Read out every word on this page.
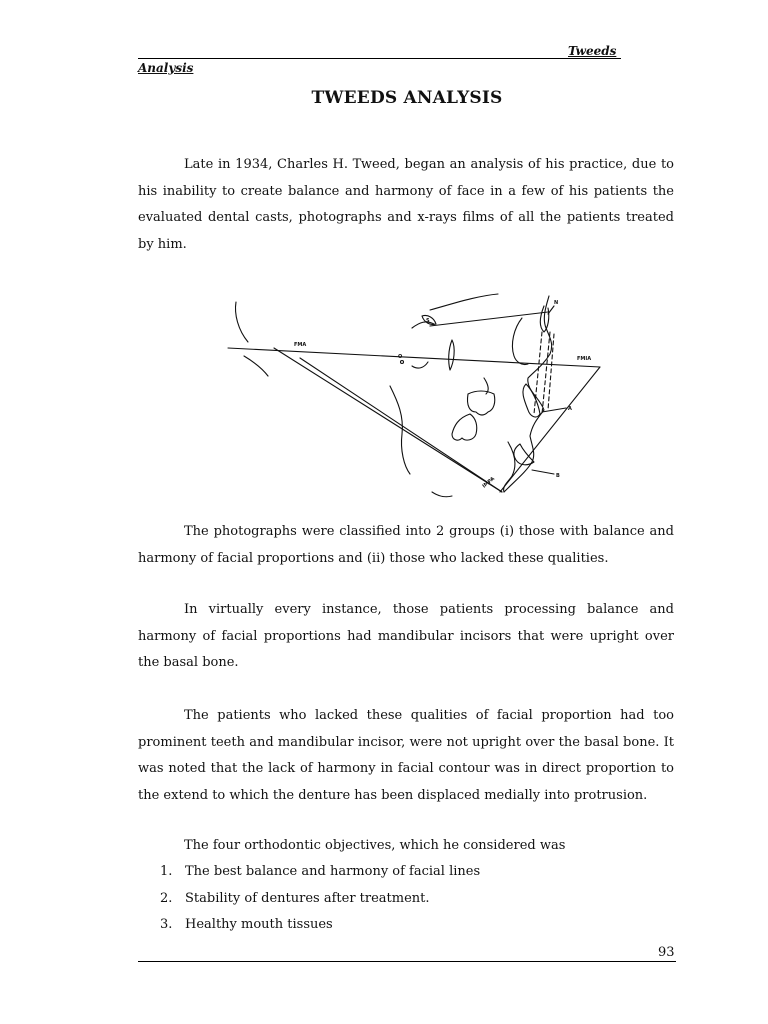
Tweeds
Analysis
TWEEDS ANALYSIS

Late in 1934, Charles H. Tweed, began an analysis of his practice, due to his inability to create balance and harmony of face in a few of his patients the evaluated dental casts, photographs and x-rays films of all the patients treated by him.

FMA
FMIA
IMPA
N
S
O
A
B

The photographs were classified into 2 groups (i) those with balance and harmony of facial proportions and (ii) those who lacked these qualities.

In virtually every instance, those patients processing balance and harmony of facial proportions had mandibular incisors that were upright over the basal bone.

The patients who lacked these qualities of facial proportion had too prominent teeth and mandibular incisor, were not upright over the basal bone. It was noted that the lack of harmony in facial contour was in direct proportion to the extend to which the denture has been displaced medially into protrusion.

The four orthodontic objectives, which he considered was

1. The best balance and harmony of facial lines
2. Stability of dentures after treatment.
3. Healthy mouth tissues
93
